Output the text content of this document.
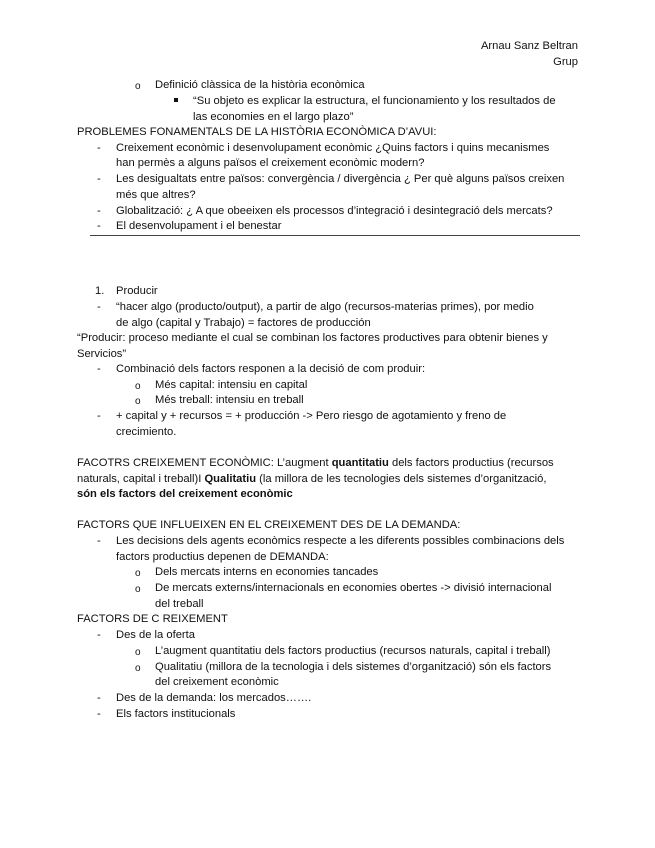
Arnau Sanz Beltran
Grup
o Definició clàssica de la història econòmica
“Su objeto es explicar la estructura, el funcionamiento y los resultados de
las economies en el largo plazo”
PROBLEMES FONAMENTALS DE LA HISTÒRIA ECONÒMICA D’AVUI:
- Creixement econòmic i desenvolupament econòmic ¿Quins factors i quins mecanismes
han permès a alguns països el creixement econòmic modern?
- Les desigualtats entre països: convergència / divergència ¿ Per què alguns països creixen
més que altres?
- Globalització: ¿ A que obeeixen els processos d’integració i desintegració dels mercats?
- El desenvolupament i el benestar
1. Producir
- “hacer algo (producto/output), a partir de algo (recursos-materias primes), por medio
de algo (capital y Trabajo) = factores de producción
“Producir: proceso mediante el cual se combinan los factores productives para obtenir bienes y
Servicios”
- Combinació dels factors responen a la decisió de com produir:
o Més capital: intensiu en capital
o Més treball: intensiu en treball
- + capital y + recursos = + producción -> Pero riesgo de agotamiento y freno de
crecimiento.
FACOTRS CREIXEMENT ECONÒMIC: L’augment quantitatiu dels factors productius (recursos
naturals, capital i treball)I Qualitatiu (la millora de les tecnologies dels sistemes d’organització,
són els factors del creixement econòmic
FACTORS QUE INFLUEIXEN EN EL CREIXEMENT DES DE LA DEMANDA:
- Les decisions dels agents econòmics respecte a les diferents possibles combinacions dels
factors productius depenen de DEMANDA:
o Dels mercats interns en economies tancades
o De mercats externs/internacionals en economies obertes -> divisió internacional
del treball
FACTORS DE C REIXEMENT
- Des de la oferta
o L’augment quantitatiu dels factors productius (recursos naturals, capital i treball)
o Qualitatiu (millora de la tecnologia i dels sistemes d’organització) són els factors
del creixement econòmic
- Des de la demanda: los mercados…….
- Els factors institucionals
